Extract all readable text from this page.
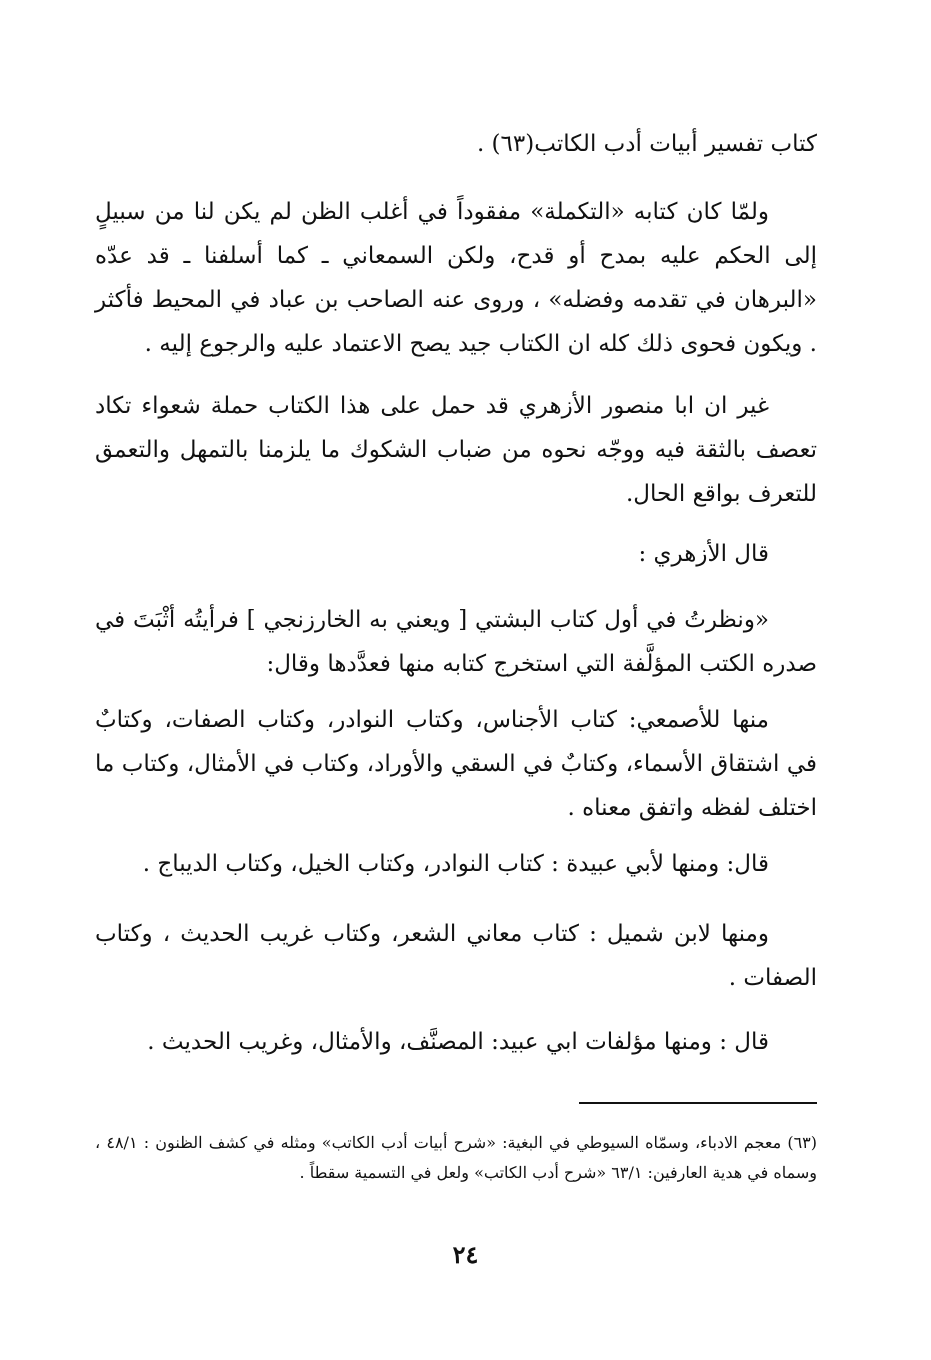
كتاب تفسير أبيات أدب الكاتب(٦٣) .

ولمّا كان كتابه «التكملة» مفقوداً في أغلب الظن لم يكن لنا من سبيلٍ إلى الحكم عليه بمدح أو قدح، ولكن السمعاني ـ كما أسلفنا ـ قد عدّه «البرهان في تقدمه وفضله» ، وروى عنه الصاحب بن عباد في المحيط فأكثر . ويكون فحوى ذلك كله ان الكتاب جيد يصح الاعتماد عليه والرجوع إليه .

غير ان ابا منصور الأزهري قد حمل على هذا الكتاب حملة شعواء تكاد تعصف بالثقة فيه ووجّه نحوه من ضباب الشكوك ما يلزمنا بالتمهل والتعمق للتعرف بواقع الحال.

قال الأزهري :

«ونظرتُ في أول كتاب البشتي [ ويعني به الخارزنجي ] فرأيتُه أثْبَتَ في صدره الكتب المؤلَّفة التي استخرج كتابه منها فعدَّدها وقال:

منها للأصمعي: كتاب الأجناس، وكتاب النوادر، وكتاب الصفات، وكتابٌ في اشتقاق الأسماء، وكتابٌ في السقي والأوراد، وكتاب في الأمثال، وكتاب ما اختلف لفظه واتفق معناه .

قال: ومنها لأبي عبيدة : كتاب النوادر، وكتاب الخيل، وكتاب الديباج .

ومنها لابن شميل : كتاب معاني الشعر، وكتاب غريب الحديث ، وكتاب الصفات .

قال : ومنها مؤلفات ابي عبيد: المصنَّف، والأمثال، وغريب الحديث .

(٦٣) معجم الادباء، وسمّاه السيوطي في البغية: «شرح أبيات أدب الكاتب» ومثله في كشف الظنون : ٤٨/١ ، وسماه في هدية العارفين: ٦٣/١ «شرح أدب الكاتب» ولعل في التسمية سقطاً .

٢٤
